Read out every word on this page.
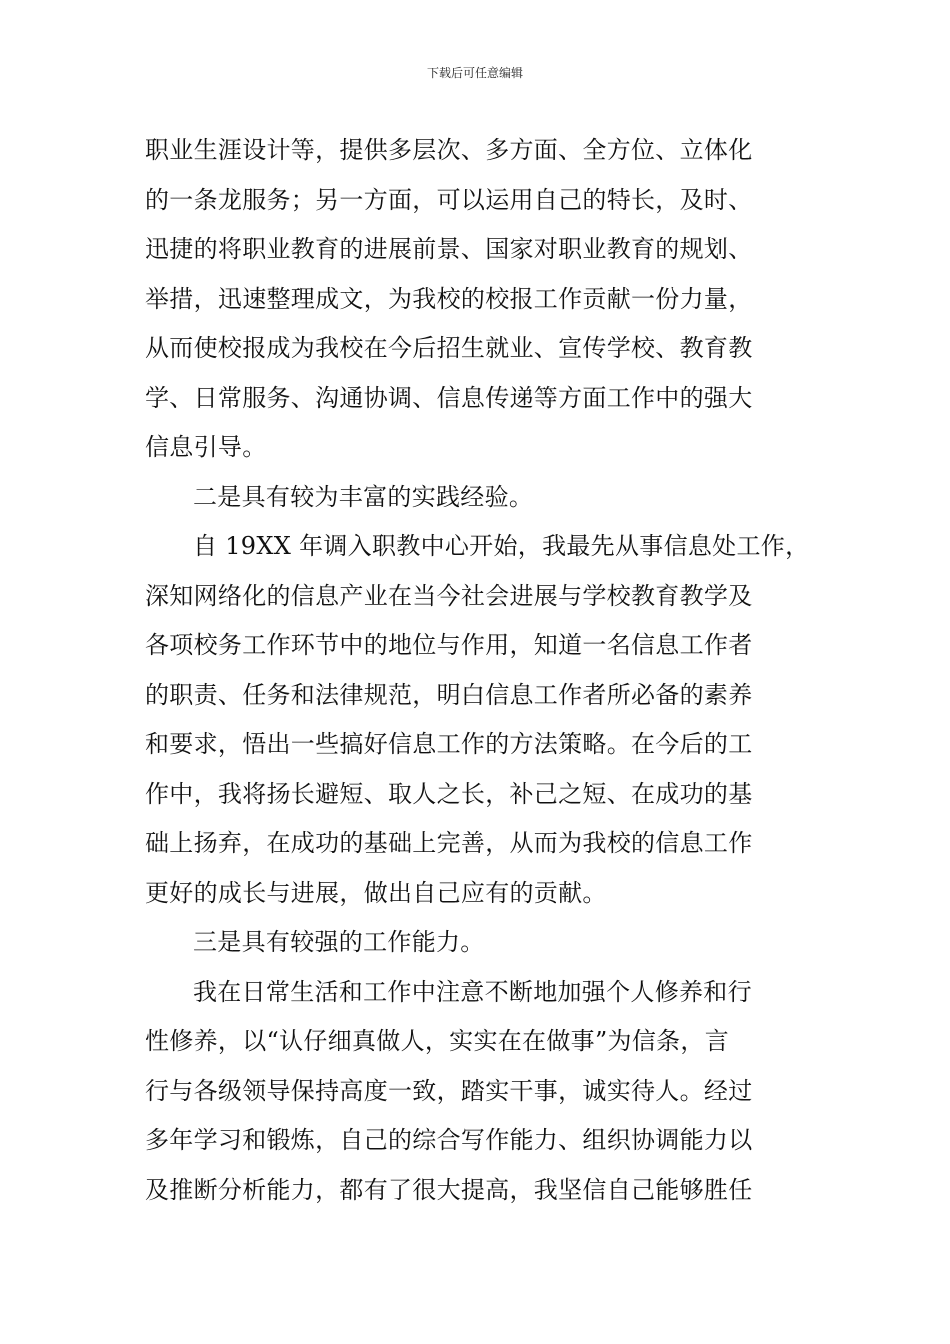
下载后可任意编辑
职业生涯设计等，提供多层次、多方面、全方位、立体化
的一条龙服务；另一方面，可以运用自己的特长，及时、
迅捷的将职业教育的进展前景、国家对职业教育的规划、
举措，迅速整理成文，为我校的校报工作贡献一份力量，
从而使校报成为我校在今后招生就业、宣传学校、教育教
学、日常服务、沟通协调、信息传递等方面工作中的强大
信息引导。
二是具有较为丰富的实践经验。
自 19XX 年调入职教中心开始，我最先从事信息处工作，
深知网络化的信息产业在当今社会进展与学校教育教学及
各项校务工作环节中的地位与作用，知道一名信息工作者
的职责、任务和法律规范，明白信息工作者所必备的素养
和要求，悟出一些搞好信息工作的方法策略。在今后的工
作中，我将扬长避短、取人之长，补己之短、在成功的基
础上扬弃，在成功的基础上完善，从而为我校的信息工作
更好的成长与进展，做出自己应有的贡献。
三是具有较强的工作能力。
我在日常生活和工作中注意不断地加强个人修养和行
性修养，以“认仔细真做人，实实在在做事”为信条，言
行与各级领导保持高度一致，踏实干事，诚实待人。经过
多年学习和锻炼，自己的综合写作能力、组织协调能力以
及推断分析能力，都有了很大提高，我坚信自己能够胜任
